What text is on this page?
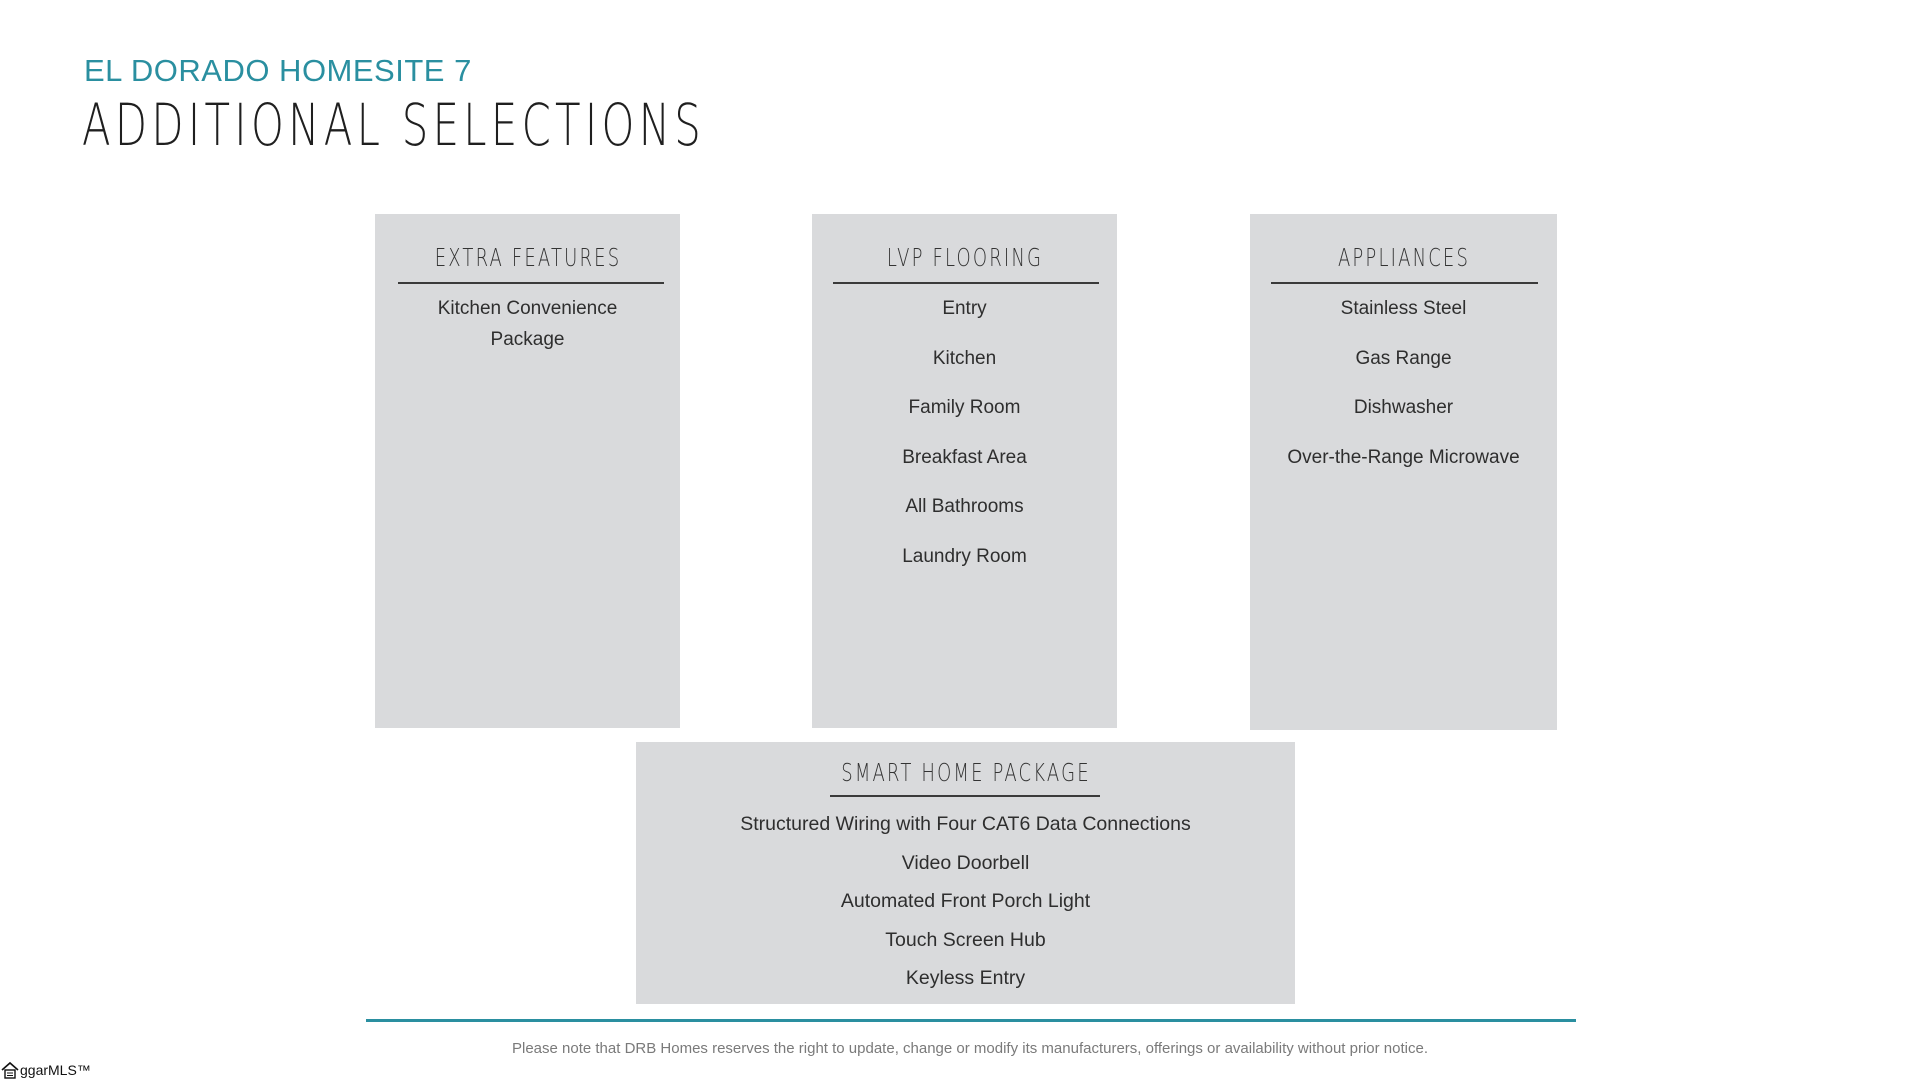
EL DORADO HOMESITE 7
ADDITIONAL SELECTIONS
EXTRA FEATURES
Kitchen Convenience
Package
LVP FLOORING
Entry
Kitchen
Family Room
Breakfast Area
All Bathrooms
Laundry Room
APPLIANCES
Stainless Steel
Gas Range
Dishwasher
Over-the-Range Microwave
SMART HOME PACKAGE
Structured Wiring with Four CAT6 Data Connections
Video Doorbell
Automated Front Porch Light
Touch Screen Hub
Keyless Entry
Please note that DRB Homes reserves the right to update, change or modify its manufacturers, offerings or availability without prior notice.
ggarMLS™
